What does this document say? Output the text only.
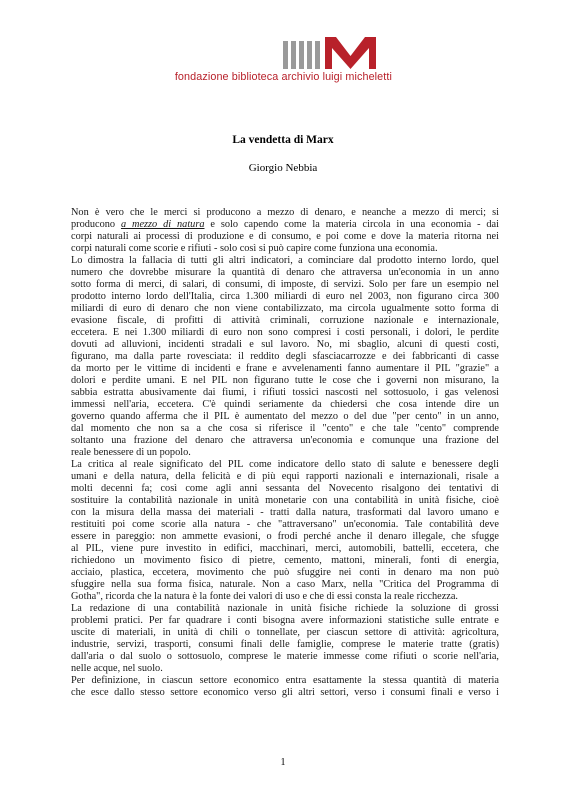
fondazione biblioteca archivio luigi micheletti
La vendetta di Marx
Giorgio Nebbia
Non è vero che le merci si producono a mezzo di denaro, e neanche a mezzo di merci; si
producono a mezzo di natura e solo capendo come la materia circola in una economia - dai
corpi naturali ai processi di produzione e di consumo, e poi come e dove la materia ritorna nei
corpi naturali come scorie e rifiuti - solo così si può capire come funziona una economia.
Lo dimostra la fallacia di tutti gli altri indicatori, a cominciare dal prodotto interno lordo, quel
numero che dovrebbe misurare la quantità di denaro che attraversa un'economia in un anno
sotto forma di merci, di salari, di consumi, di imposte, di servizi. Solo per fare un esempio nel
prodotto interno lordo dell'Italia, circa 1.300 miliardi di euro nel 2003, non figurano circa 300
miliardi di euro di denaro che non viene contabilizzato, ma circola ugualmente sotto forma di
evasione fiscale, di profitti di attività criminali, corruzione nazionale e internazionale,
eccetera. E nei 1.300 miliardi di euro non sono compresi i costi personali, i dolori, le perdite
dovuti ad alluvioni, incidenti stradali e sul lavoro. No, mi sbaglio, alcuni di questi costi,
figurano, ma dalla parte rovesciata: il reddito degli sfasciacarrozze e dei fabbricanti di casse
da morto per le vittime di incidenti e frane e avvelenamenti fanno aumentare il PIL "grazie" a
dolori e perdite umani. E nel PIL non figurano tutte le cose che i governi non misurano, la
sabbia estratta abusivamente dai fiumi, i rifiuti tossici nascosti nel sottosuolo, i gas velenosi
immessi nell'aria, eccetera. C'è quindi seriamente da chiedersi che cosa intende dire un
governo quando afferma che il PIL è aumentato del mezzo o del due "per cento" in un anno,
dal momento che non sa a che cosa si riferisce il "cento" e che tale "cento" comprende
soltanto una frazione del denaro che attraversa un'economia e comunque una frazione del
reale benessere di un popolo.
La critica al reale significato del PIL come indicatore dello stato di salute e benessere degli
umani e della natura, della felicità e di più equi rapporti nazionali e internazionali, risale a
molti decenni fa; così come agli anni sessanta del Novecento risalgono dei tentativi di
sostituire la contabilità nazionale in unità monetarie con una contabilità in unità fisiche, cioè
con la misura della massa dei materiali - tratti dalla natura, trasformati dal lavoro umano e
restituiti poi come scorie alla natura - che "attraversano" un'economia. Tale contabilità deve
essere in pareggio: non ammette evasioni, o frodi perché anche il denaro illegale, che sfugge
al PIL, viene pure investito in edifici, macchinari, merci, automobili, battelli, eccetera, che
richiedono un movimento fisico di pietre, cemento, mattoni, minerali, fonti di energia,
acciaio, plastica, eccetera, movimento che può sfuggire nei conti in denaro ma non può
sfuggire nella sua forma fisica, naturale. Non a caso Marx, nella "Critica del Programma di
Gotha", ricorda che la natura è la fonte dei valori di uso e che di essi consta la reale ricchezza.
La redazione di una contabilità nazionale in unità fisiche richiede la soluzione di grossi
problemi pratici. Per far quadrare i conti bisogna avere informazioni statistiche sulle entrate e
uscite di materiali, in unità di chili o tonnellate, per ciascun settore di attività: agricoltura,
industrie, servizi, trasporti, consumi finali delle famiglie, comprese le materie tratte (gratis)
dall'aria o dal suolo o sottosuolo, comprese le materie immesse come rifiuti o scorie nell'aria,
nelle acque, nel suolo.
Per definizione, in ciascun settore economico entra esattamente la stessa quantità di materia
che esce dallo stesso settore economico verso gli altri settori, verso i consumi finali e verso i
1
